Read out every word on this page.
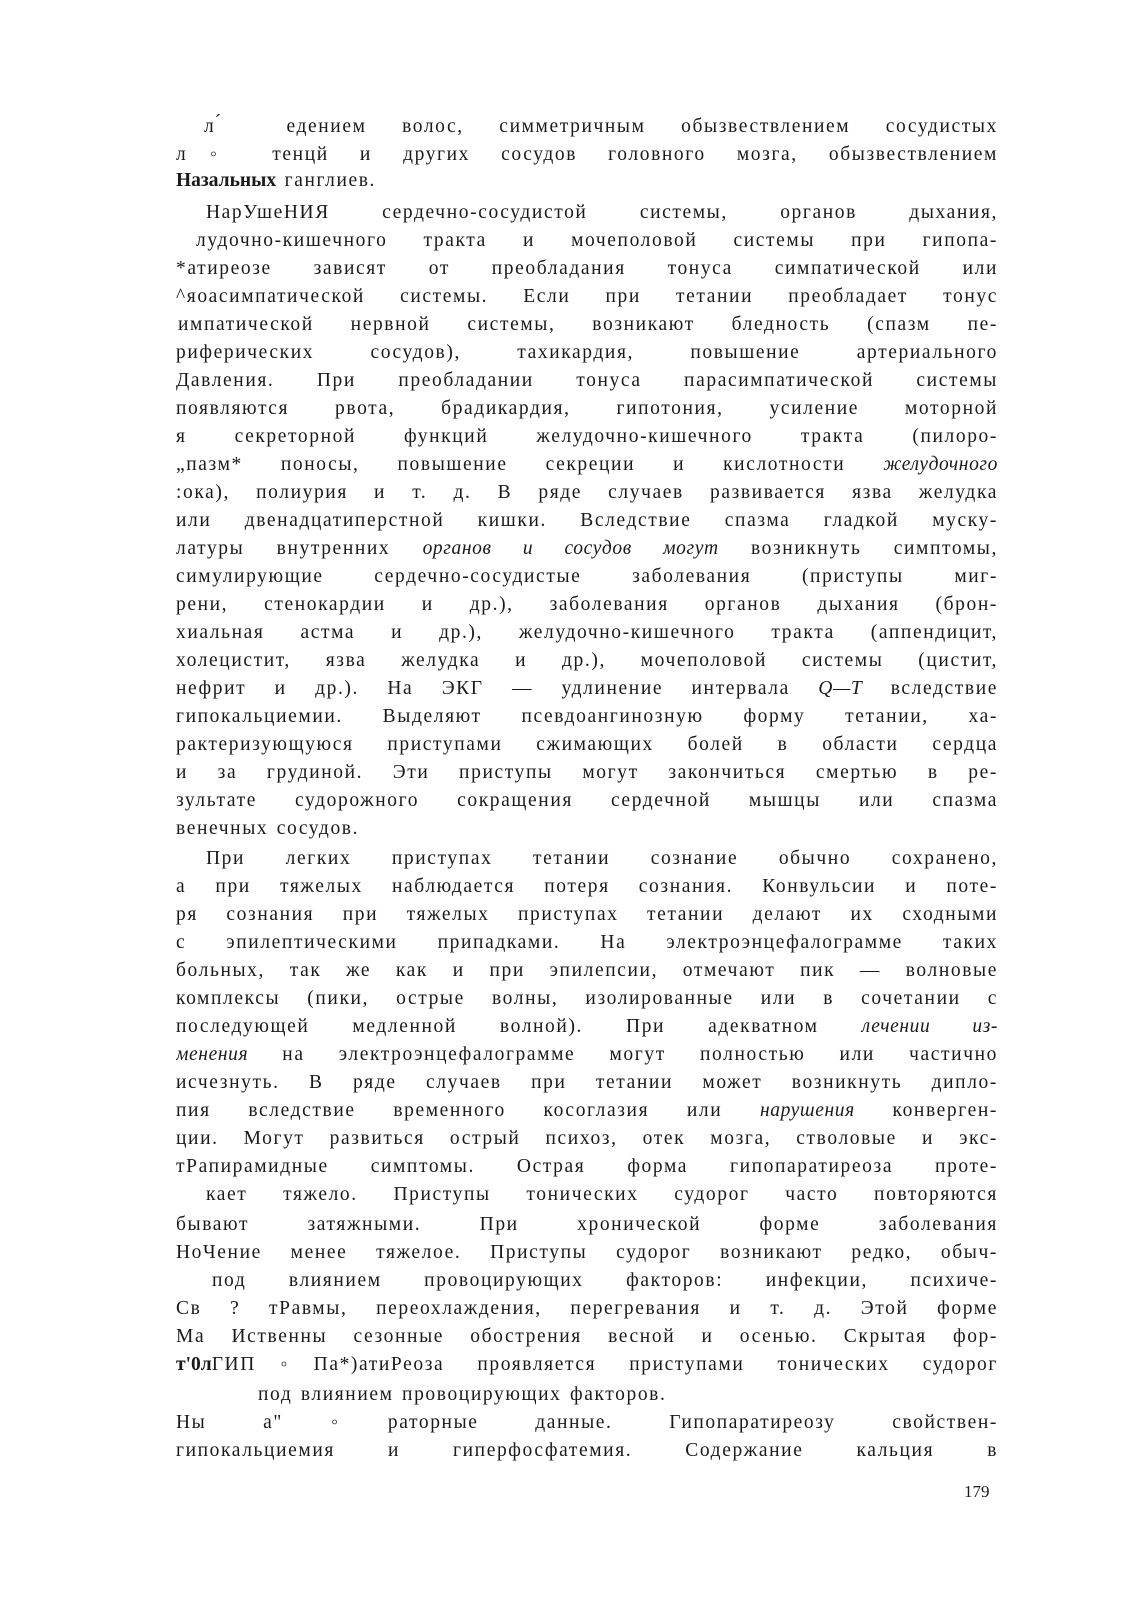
л ́ едением волос, симметричным обызвествлением сосудистых
л◦ тенцй и других сосудов головного мозга, обызвествлением
Назальных ганглиев.
НарУшеНИЯ сердечно-сосудистой системы, органов дыхания,
лудочно-кишечного тракта и мочеполовой системы при гипопа-
*атиреозе зависят от преобладания тонуса симпатической или
^яоасимпатической системы. Если при тетании преобладает тонус
импатической нервной системы, возникают бледность (спазм пе-
риферических сосудов), тахикардия, повышение артериального
Давления. При преобладании тонуса парасимпатической системы
появляются рвота, брадикардия, гипотония, усиление моторной
я секреторной функций желудочно-кишечного тракта (пилоро-
„пазм* поносы, повышение секреции и кислотности желудочного
:ока), полиурия и т. д. В ряде случаев развивается язва желудка
или двенадцатиперстной кишки. Вследствие спазма гладкой муску-
латуры внутренних органов и сосудов могут возникнуть симптомы,
симулирующие сердечно-сосудистые заболевания (приступы миг-
рени, стенокардии и др.), заболевания органов дыхания (брон-
хиальная астма и др.), желудочно-кишечного тракта (аппендицит,
холецистит, язва желудка и др.), мочеполовой системы (цистит,
нефрит и др.). На ЭКГ — удлинение интервала Q—T вследствие
гипокальциемии. Выделяют псевдоангинозную форму тетании, ха-
рактеризующуюся приступами сжимающих болей в области сердца
и за грудиной. Эти приступы могут закончиться смертью в ре-
зультате судорожного сокращения сердечной мышцы или спазма
венечных сосудов.
При легких приступах тетании сознание обычно сохранено,
а при тяжелых наблюдается потеря сознания. Конвульсии и поте-
ря сознания при тяжелых приступах тетании делают их сходными
с эпилептическими припадками. На электроэнцефалограмме таких
больных, так же как и при эпилепсии, отмечают пик — волновые
комплексы (пики, острые волны, изолированные или в сочетании с
последующей медленной волной). При адекватном лечении из-
менения на электроэнцефалограмме могут полностью или частично
исчезнуть. В ряде случаев при тетании может возникнуть дипло-
пия вследствие временного косоглазия или нарушения конверген-
ции. Могут развиться острый психоз, отек мозга, стволовые и экс-
тРапирамидные симптомы. Острая форма гипопаратиреоза проте-
кает тяжело. Приступы тонических судорог часто повторяются
бывают затяжными. При хронической форме заболевания
НоЧение менее тяжелое. Приступы судорог возникают редко, обыч-
под влиянием провоцирующих факторов: инфекции, психиче-
Св ? тРавмы, переохлаждения, перегревания и т. д. Этой форме
Ма Иственны сезонные обострения весной и осенью. Скрытая фор-
т'0лГИП◦Па*)атиРеоза проявляется приступами тонических судорог
под влиянием провоцирующих факторов.
Ны а"◦раторные данные. Гипопаратиреозу свойствен-
гипокальциемия и гиперфосфатемия. Содержание кальция в
179
